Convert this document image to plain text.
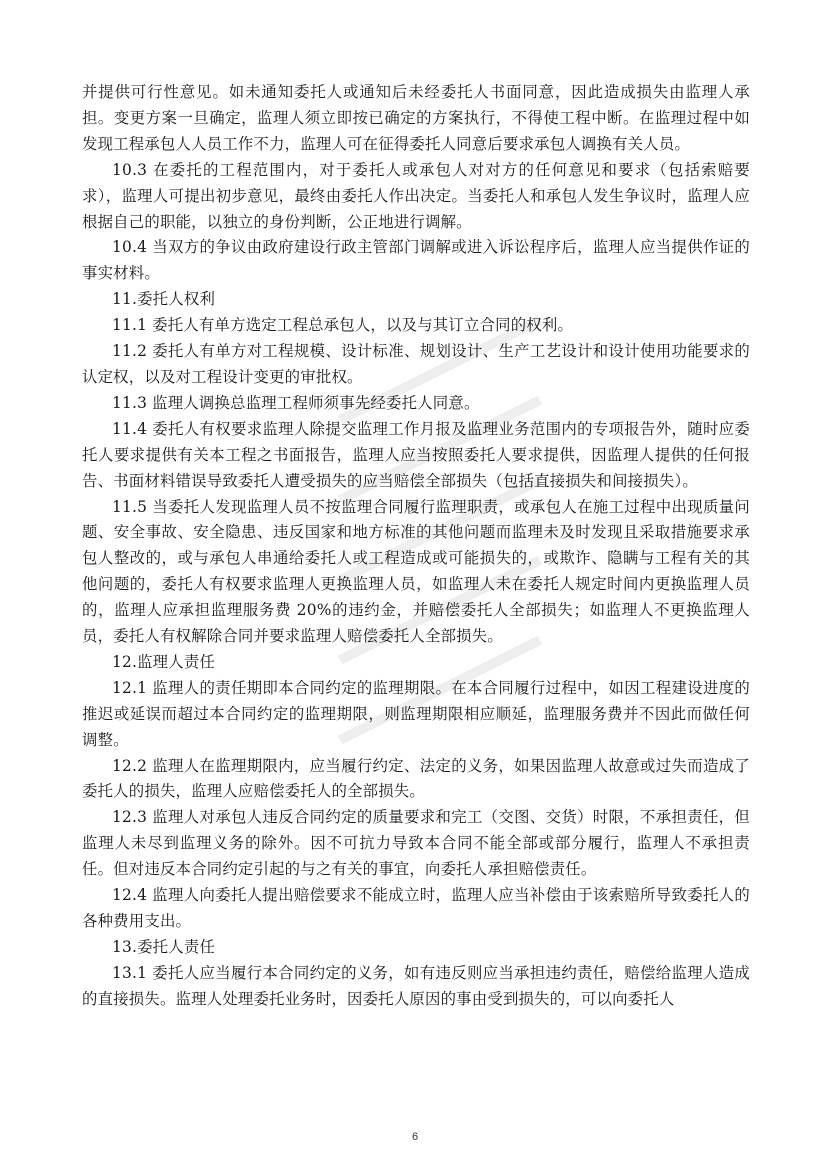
并提供可行性意见。如未通知委托人或通知后未经委托人书面同意，因此造成损失由监理人承担。变更方案一旦确定，监理人须立即按已确定的方案执行，不得使工程中断。在监理过程中如发现工程承包人人员工作不力，监理人可在征得委托人同意后要求承包人调换有关人员。

10.3 在委托的工程范围内，对于委托人或承包人对对方的任何意见和要求（包括索赔要求），监理人可提出初步意见，最终由委托人作出决定。当委托人和承包人发生争议时，监理人应根据自己的职能，以独立的身份判断，公正地进行调解。

10.4 当双方的争议由政府建设行政主管部门调解或进入诉讼程序后，监理人应当提供作证的事实材料。

11.委托人权利

11.1 委托人有单方选定工程总承包人，以及与其订立合同的权利。

11.2 委托人有单方对工程规模、设计标准、规划设计、生产工艺设计和设计使用功能要求的认定权，以及对工程设计变更的审批权。

11.3 监理人调换总监理工程师须事先经委托人同意。

11.4 委托人有权要求监理人除提交监理工作月报及监理业务范围内的专项报告外，随时应委托人要求提供有关本工程之书面报告，监理人应当按照委托人要求提供，因监理人提供的任何报告、书面材料错误导致委托人遭受损失的应当赔偿全部损失（包括直接损失和间接损失）。

11.5 当委托人发现监理人员不按监理合同履行监理职责，或承包人在施工过程中出现质量问题、安全事故、安全隐患、违反国家和地方标准的其他问题而监理未及时发现且采取措施要求承包人整改的，或与承包人串通给委托人或工程造成或可能损失的，或欺诈、隐瞒与工程有关的其他问题的，委托人有权要求监理人更换监理人员，如监理人未在委托人规定时间内更换监理人员的，监理人应承担监理服务费 20%的违约金，并赔偿委托人全部损失；如监理人不更换监理人员，委托人有权解除合同并要求监理人赔偿委托人全部损失。

12.监理人责任

12.1 监理人的责任期即本合同约定的监理期限。在本合同履行过程中，如因工程建设进度的推迟或延误而超过本合同约定的监理期限，则监理期限相应顺延，监理服务费并不因此而做任何调整。

12.2 监理人在监理期限内，应当履行约定、法定的义务，如果因监理人故意或过失而造成了委托人的损失，监理人应赔偿委托人的全部损失。

12.3 监理人对承包人违反合同约定的质量要求和完工（交图、交货）时限，不承担责任，但监理人未尽到监理义务的除外。因不可抗力导致本合同不能全部或部分履行，监理人不承担责任。但对违反本合同约定引起的与之有关的事宜，向委托人承担赔偿责任。

12.4 监理人向委托人提出赔偿要求不能成立时，监理人应当补偿由于该索赔所导致委托人的各种费用支出。

13.委托人责任

13.1 委托人应当履行本合同约定的义务，如有违反则应当承担违约责任，赔偿给监理人造成的直接损失。监理人处理委托业务时，因委托人原因的事由受到损失的，可以向委托人

6
